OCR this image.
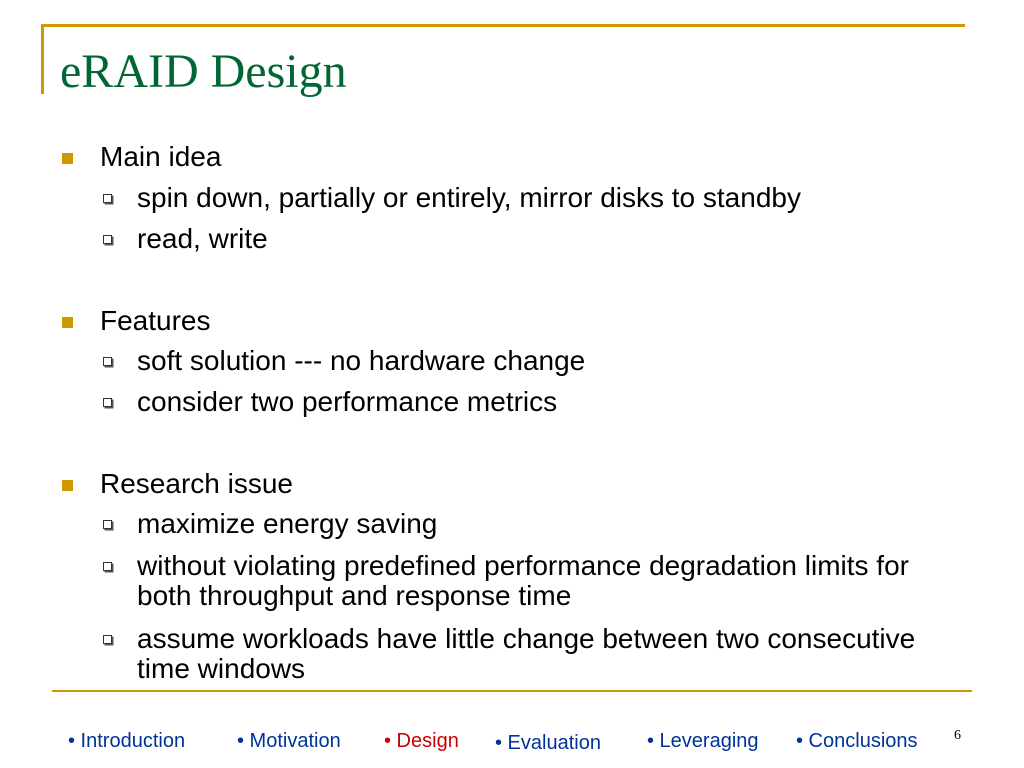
eRAID Design
Main idea
spin down, partially or entirely, mirror disks to standby
read, write
Features
soft solution --- no hardware change
consider two performance metrics
Research issue
maximize energy saving
without violating predefined performance degradation limits for both throughput and response time
assume workloads have little change between two consecutive time windows
• Introduction	• Motivation • Design • Evaluation • Leveraging • Conclusions	6
